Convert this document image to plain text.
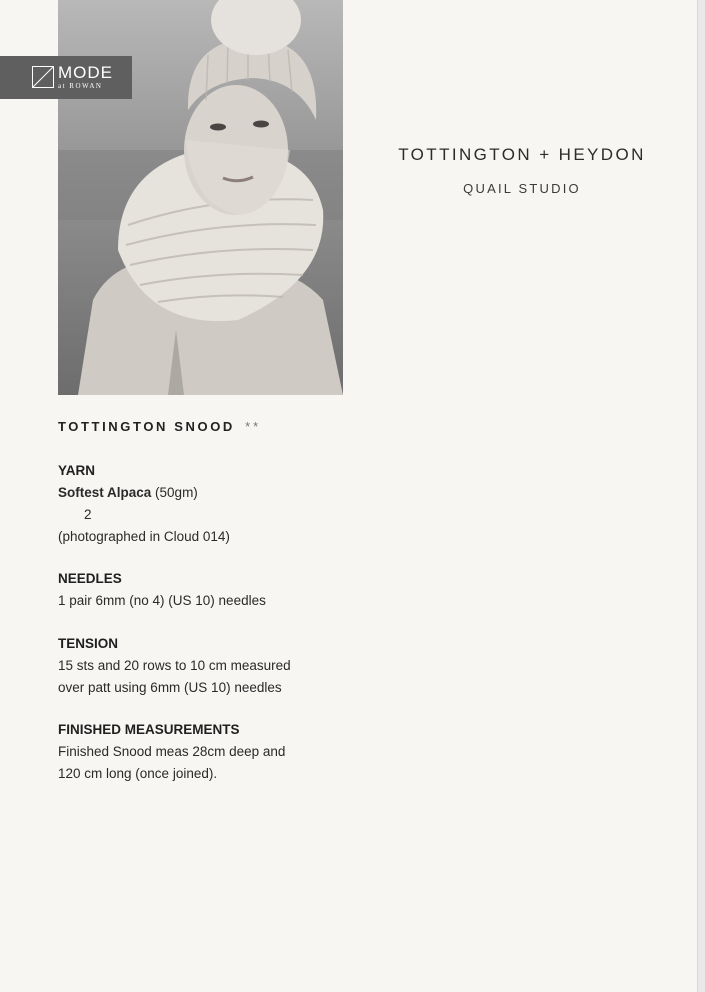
MODE
at ROWAN
TOTTINGTON + HEYDON
QUAIL STUDIO
TOTTINGTON SNOOD **
YARN

Softest Alpaca (50gm)

2

(photographed in Cloud 014)

NEEDLES

1 pair 6mm (no 4) (US 10) needles

TENSION

15 sts and 20 rows to 10 cm measured

over patt using 6mm (US 10) needles

FINISHED MEASUREMENTS

Finished Snood meas 28cm deep and

120 cm long (once joined).
